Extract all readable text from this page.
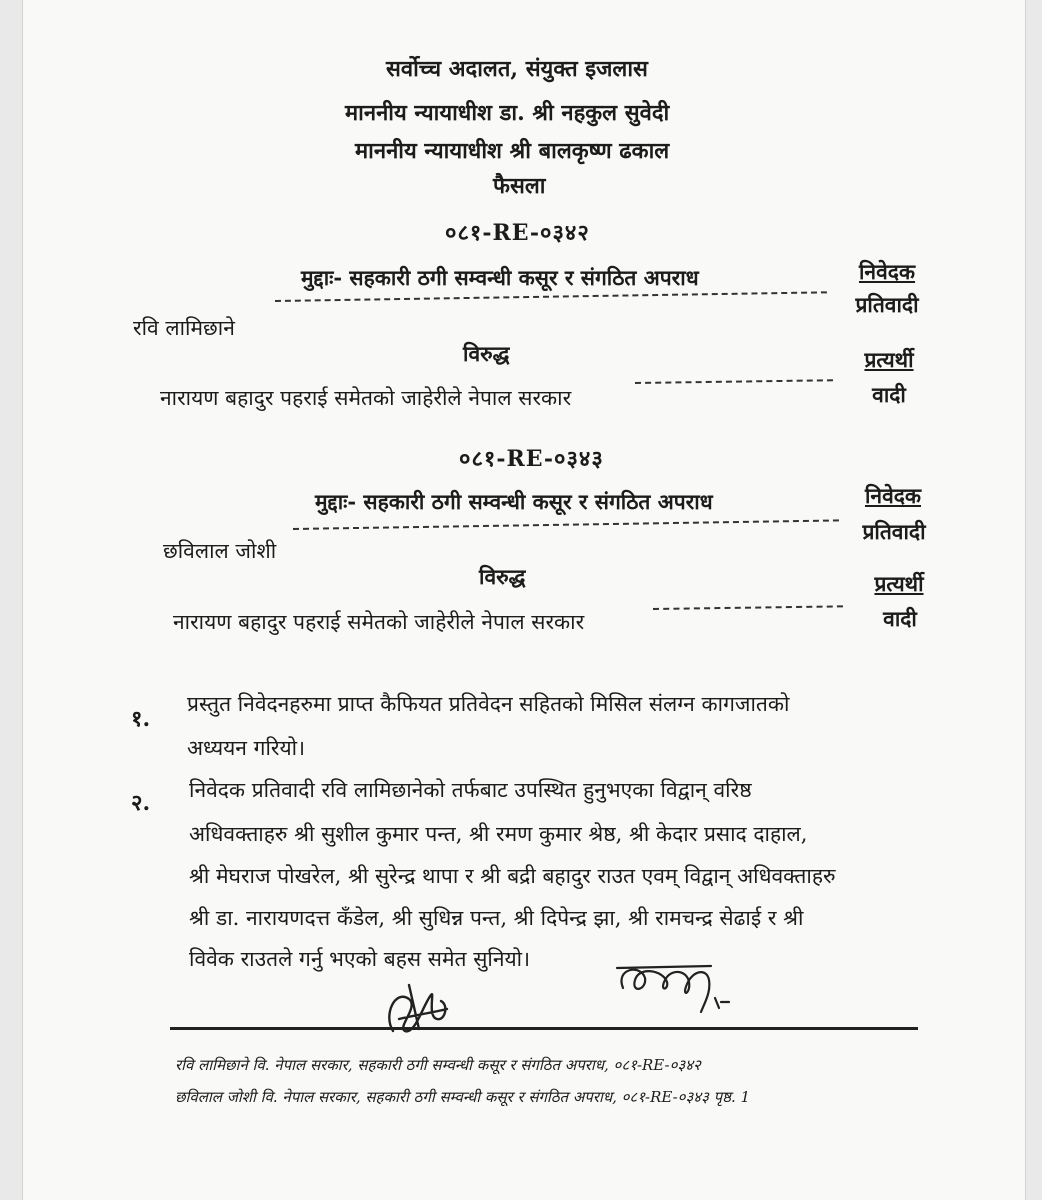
सर्वोच्च अदालत, संयुक्त इजलास
माननीय न्यायाधीश डा. श्री नहकुल सुवेदी
माननीय न्यायाधीश श्री बालकृष्ण ढकाल
फैसला
०८१-RE-०३४२
मुद्दाः- सहकारी ठगी सम्वन्धी कसूर र संगठित अपराध	निवेदक
प्रतिवादी
रवि लामिछाने
विरुद्ध	प्रत्यर्थी
वादी
नारायण बहादुर पहराई समेतको जाहेरीले नेपाल सरकार
०८१-RE-०३४३
मुद्दाः- सहकारी ठगी सम्वन्धी कसूर र संगठित अपराध	निवेदक
प्रतिवादी
छविलाल जोशी
विरुद्ध	प्रत्यर्थी
वादी
नारायण बहादुर पहराई समेतको जाहेरीले नेपाल सरकार
१.
प्रस्तुत निवेदनहरुमा प्राप्त कैफियत प्रतिवेदन सहितको मिसिल संलग्न कागजातको
अध्ययन गरियो।
२. निवेदक प्रतिवादी रवि लामिछानेको तर्फबाट उपस्थित हुनुभएका विद्वान् वरिष्ठ
अधिवक्ताहरु श्री सुशील कुमार पन्त, श्री रमण कुमार श्रेष्ठ, श्री केदार प्रसाद दाहाल,
श्री मेघराज पोखरेल, श्री सुरेन्द्र थापा र श्री बद्री बहादुर राउत एवम् विद्वान् अधिवक्ताहरु
श्री डा. नारायणदत्त कँडेल, श्री सुधिन्न पन्त, श्री दिपेन्द्र झा, श्री रामचन्द्र सेढाई र श्री
विवेक राउतले गर्नु भएको बहस समेत सुनियो।
रवि लामिछाने वि. नेपाल सरकार, सहकारी ठगी सम्वन्धी कसूर र संगठित अपराध, ०८१-RE-०३४२
छविलाल जोशी वि. नेपाल सरकार, सहकारी ठगी सम्वन्धी कसूर र संगठित अपराध, ०८१-RE-०३४३ पृष्ठ. 1
